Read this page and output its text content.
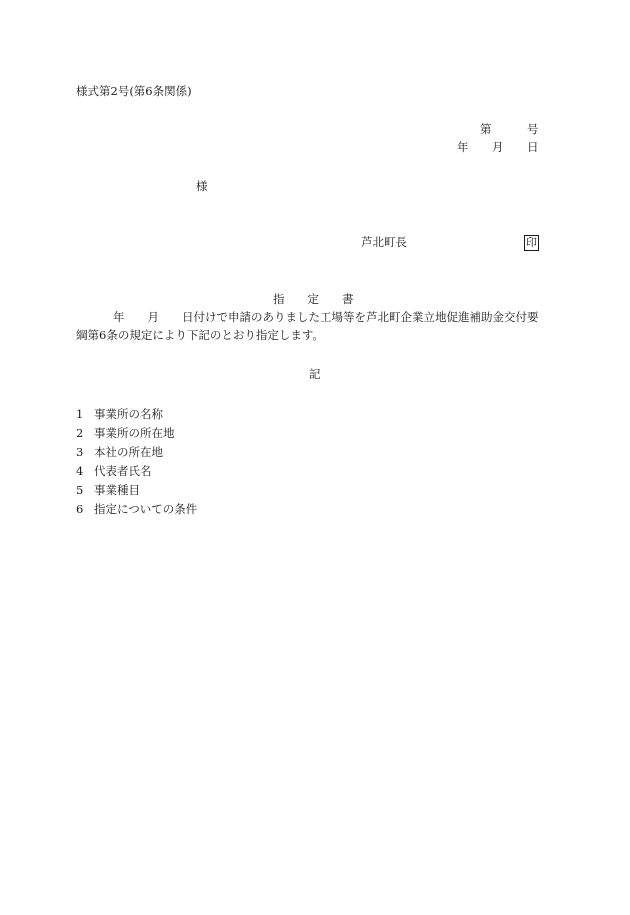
様式第2号(第6条関係)
第	号
年 月 日
様
芦北町長	印
指　　定　　書
年　　月　　日付けで申請のありました工場等を芦北町企業立地促進補助金交付要
綱第6条の規定により下記のとおり指定します。
記
1 事業所の名称
2 事業所の所在地
3 本社の所在地
4 代表者氏名
5 事業種目
6 指定についての条件
